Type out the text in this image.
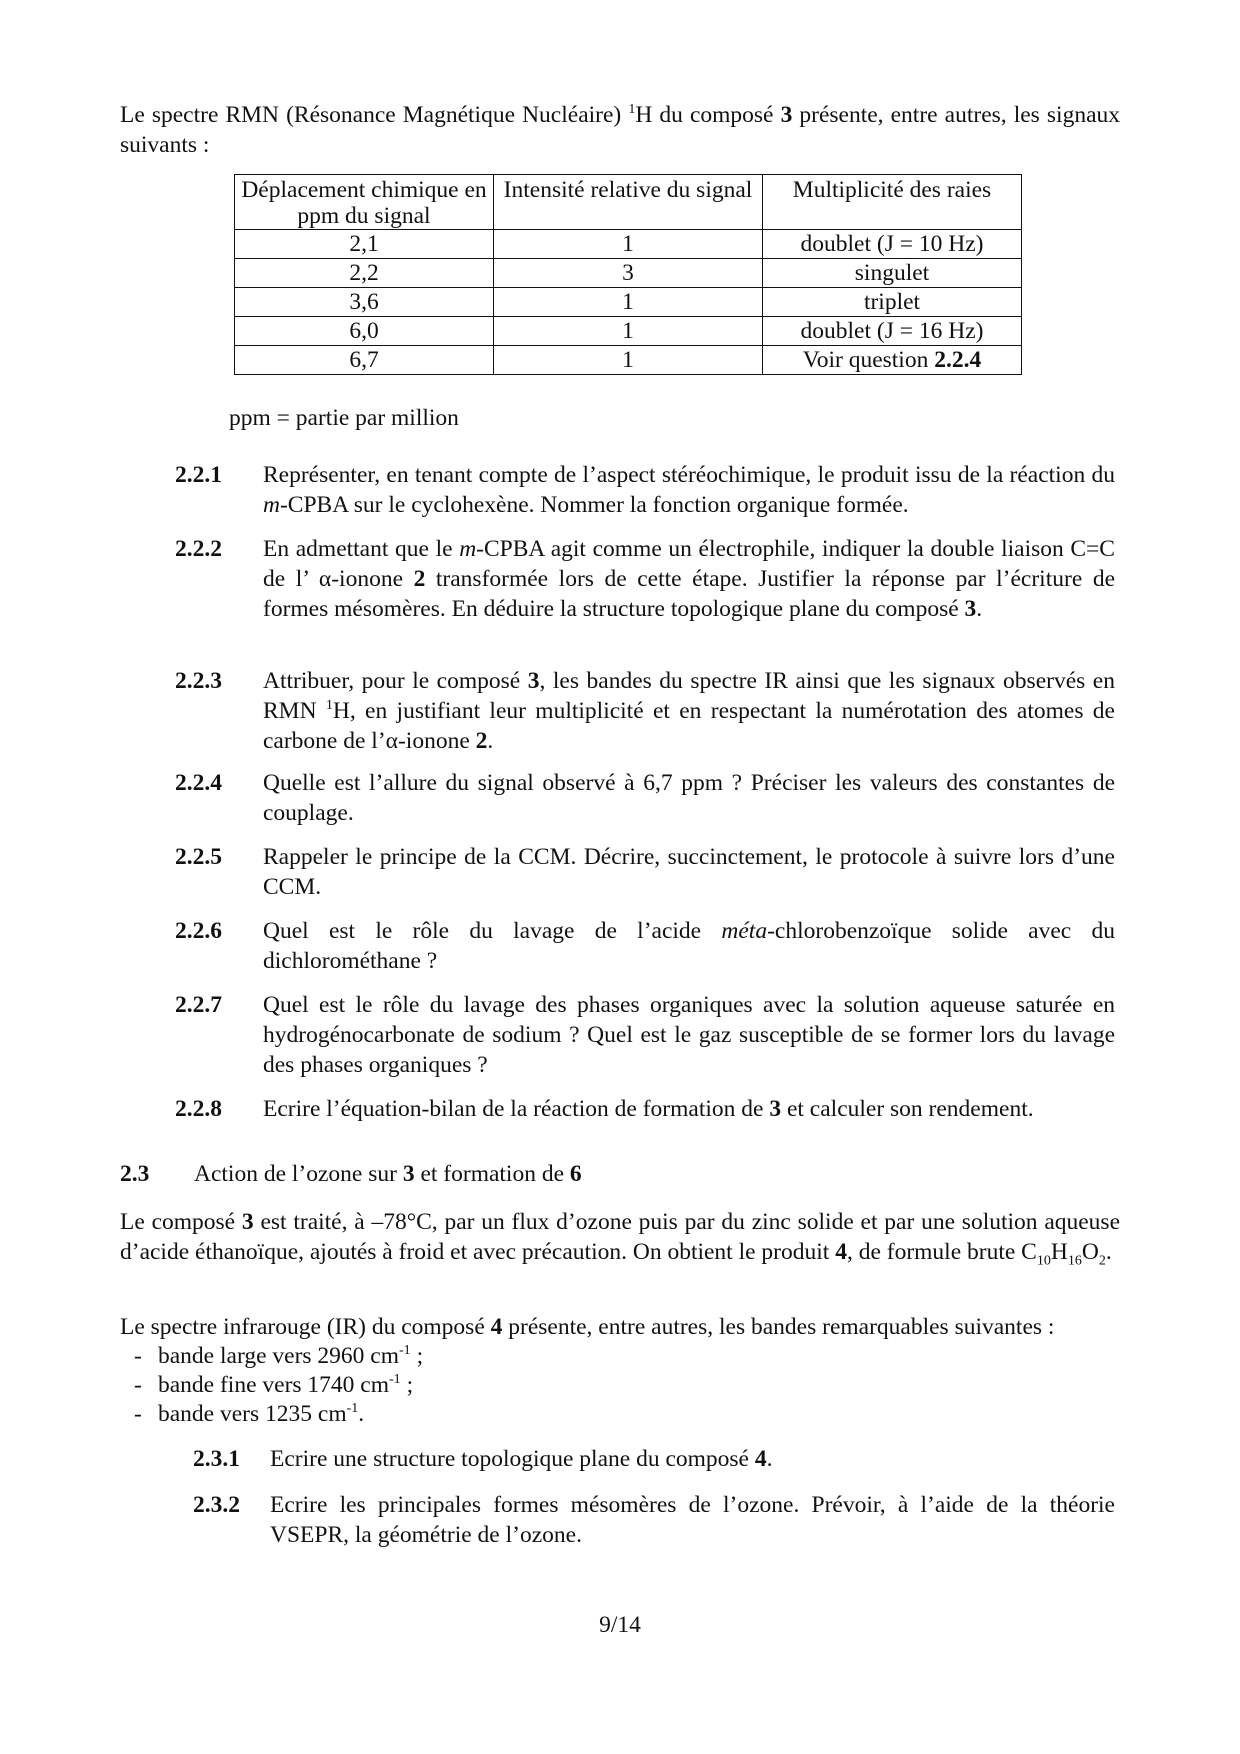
Le spectre RMN (Résonance Magnétique Nucléaire) $^1$H du composé 3 présente, entre autres, les signaux suivants :

Déplacement chimique en ppm du signal	Intensité relative du signal	Multiplicité des raies
2,1	1	doublet (J = 10 Hz)
2,2	3	singulet
3,6	1	triplet
6,0	1	doublet (J = 16 Hz)
6,7	1	Voir question 2.2.4

ppm = partie par million

2.2.1 Représenter, en tenant compte de l’aspect stéréochimique, le produit issu de la réaction du m-CPBA sur le cyclohexène. Nommer la fonction organique formée.

2.2.2 En admettant que le m-CPBA agit comme un électrophile, indiquer la double liaison C=C de l’ α-ionone 2 transformée lors de cette étape. Justifier la réponse par l’écriture de formes mésomères. En déduire la structure topologique plane du composé 3.

2.2.3 Attribuer, pour le composé 3, les bandes du spectre IR ainsi que les signaux observés en RMN $^1$H, en justifiant leur multiplicité et en respectant la numérotation des atomes de carbone de l’α-ionone 2.

2.2.4 Quelle est l’allure du signal observé à 6,7 ppm ? Préciser les valeurs des constantes de couplage.

2.2.5 Rappeler le principe de la CCM. Décrire, succinctement, le protocole à suivre lors d’une CCM.

2.2.6 Quel est le rôle du lavage de l’acide méta-chlorobenzoïque solide avec du dichlorométhane ?

2.2.7 Quel est le rôle du lavage des phases organiques avec la solution aqueuse saturée en hydrogénocarbonate de sodium ? Quel est le gaz susceptible de se former lors du lavage des phases organiques ?

2.2.8 Ecrire l’équation-bilan de la réaction de formation de 3 et calculer son rendement.

2.3 Action de l’ozone sur 3 et formation de 6

Le composé 3 est traité, à –78°C, par un flux d’ozone puis par du zinc solide et par une solution aqueuse d’acide éthanoïque, ajoutés à froid et avec précaution. On obtient le produit 4, de formule brute $C_{10}H_{16}O_2$.

Le spectre infrarouge (IR) du composé 4 présente, entre autres, les bandes remarquables suivantes :

- bande large vers 2960 $cm^{-1}$ ;

- bande fine vers 1740 $cm^{-1}$ ;

- bande vers 1235 $cm^{-1}$.

2.3.1 Ecrire une structure topologique plane du composé 4.

2.3.2 Ecrire les principales formes mésomères de l’ozone. Prévoir, à l’aide de la théorie VSEPR, la géométrie de l’ozone.

9/14
